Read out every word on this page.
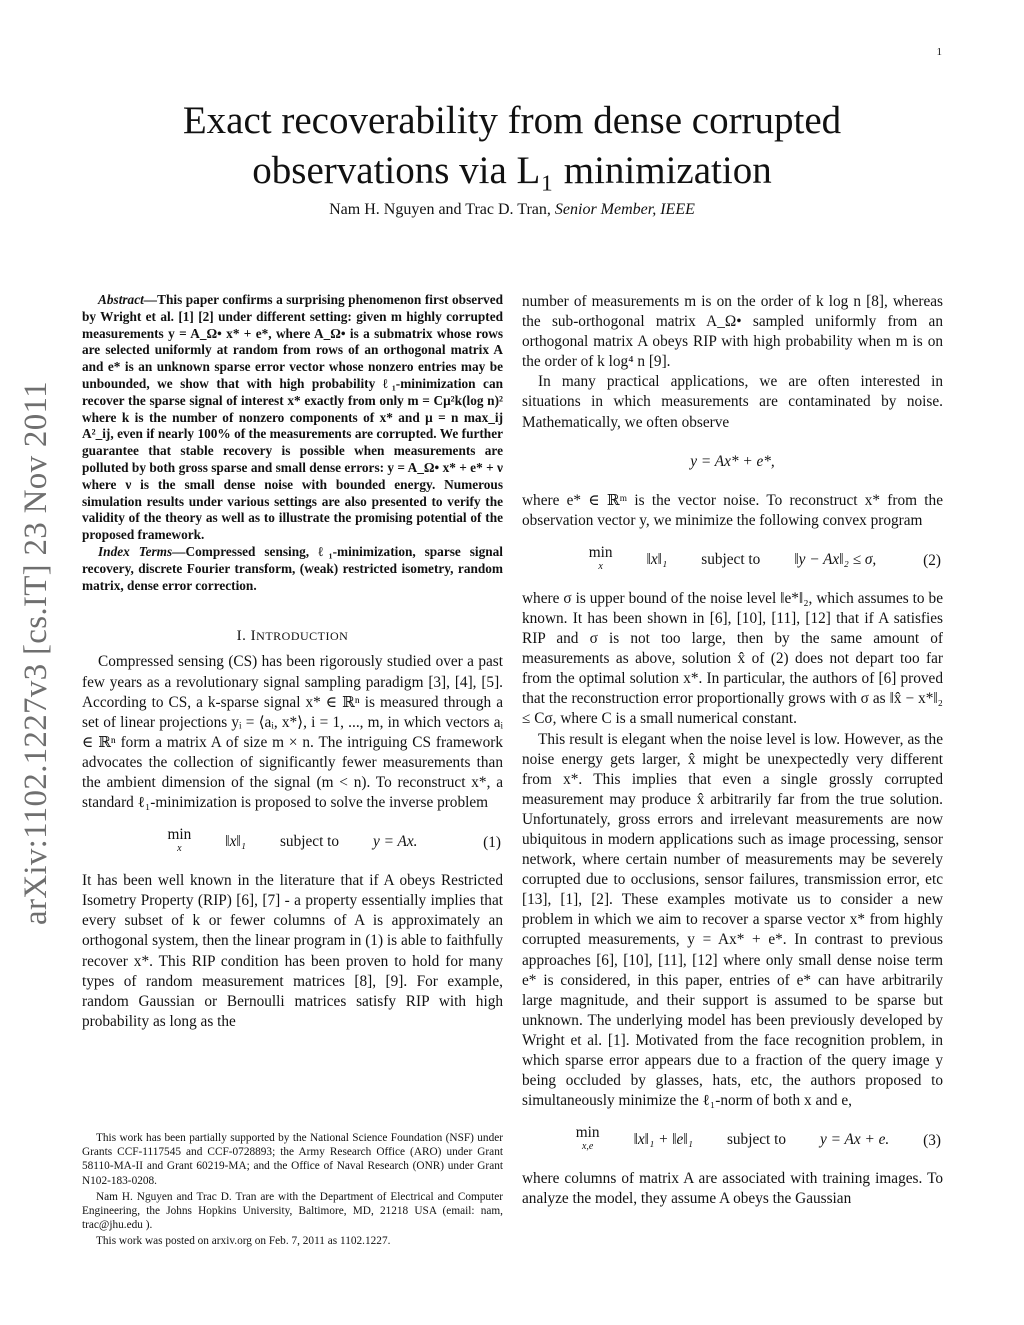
1
arXiv:1102.1227v3 [cs.IT] 23 Nov 2011
Exact recoverability from dense corrupted
observations via L₁ minimization
Nam H. Nguyen and Trac D. Tran, Senior Member, IEEE

Abstract—This paper confirms a surprising phenomenon first observed by Wright et al. [1] [2] under different setting: given m highly corrupted measurements y = A_Ω• x* + e*, where A_Ω• is a submatrix whose rows are selected uniformly at random from rows of an orthogonal matrix A and e* is an unknown sparse error vector whose nonzero entries may be unbounded, we show that with high probability ℓ₁-minimization can recover the sparse signal of interest x* exactly from only m = Cμ²k(log n)² where k is the number of nonzero components of x* and μ = n max_ij A²_ij, even if nearly 100% of the measurements are corrupted. We further guarantee that stable recovery is possible when measurements are polluted by both gross sparse and small dense errors: y = A_Ω• x* + e* + ν where ν is the small dense noise with bounded energy. Numerous simulation results under various settings are also presented to verify the validity of the theory as well as to illustrate the promising potential of the proposed framework.

Index Terms—Compressed sensing, ℓ₁-minimization, sparse signal recovery, discrete Fourier transform, (weak) restricted isometry, random matrix, dense error correction.

I. INTRODUCTION

Compressed sensing (CS) has been rigorously studied over a past few years as a revolutionary signal sampling paradigm [3], [4], [5]. According to CS, a k-sparse signal x* ∈ ℝⁿ is measured through a set of linear projections yᵢ = ⟨aᵢ, x*⟩, i = 1, ..., m, in which vectors aᵢ ∈ ℝⁿ form a matrix A of size m × n. The intriguing CS framework advocates the collection of significantly fewer measurements than the ambient dimension of the signal (m < n). To reconstruct x*, a standard ℓ₁-minimization is proposed to solve the inverse problem

min
x	‖x‖₁ subject to y = Ax.	(1)

It has been well known in the literature that if A obeys Restricted Isometry Property (RIP) [6], [7] - a property essentially implies that every subset of k or fewer columns of A is approximately an orthogonal system, then the linear program in (1) is able to faithfully recover x*. This RIP condition has been proven to hold for many types of random measurement matrices [8], [9]. For example, random Gaussian or Bernoulli matrices satisfy RIP with high probability as long as the

This work has been partially supported by the National Science Foundation (NSF) under Grants CCF-1117545 and CCF-0728893; the Army Research Office (ARO) under Grant 58110-MA-II and Grant 60219-MA; and the Office of Naval Research (ONR) under Grant N102-183-0208.

Nam H. Nguyen and Trac D. Tran are with the Department of Electrical and Computer Engineering, the Johns Hopkins University, Baltimore, MD, 21218 USA (email: nam, trac@jhu.edu ).

This work was posted on arxiv.org on Feb. 7, 2011 as 1102.1227.

number of measurements m is on the order of k log n [8], whereas the sub-orthogonal matrix A_Ω• sampled uniformly from an orthogonal matrix A obeys RIP with high probability when m is on the order of k log⁴ n [9].

In many practical applications, we are often interested in situations in which measurements are contaminated by noise. Mathematically, we often observe

y = Ax* + e*,

where e* ∈ ℝᵐ is the vector noise. To reconstruct x* from the observation vector y, we minimize the following convex program

min
x	‖x‖₁ subject to ‖y − Ax‖₂ ≤ σ,	(2)

where σ is upper bound of the noise level ‖e*‖₂, which assumes to be known. It has been shown in [6], [10], [11], [12] that if A satisfies RIP and σ is not too large, then by the same amount of measurements as above, solution x̂ of (2) does not depart too far from the optimal solution x*. In particular, the authors of [6] proved that the reconstruction error proportionally grows with σ as ‖x̂ − x*‖₂ ≤ Cσ, where C is a small numerical constant.

This result is elegant when the noise level is low. However, as the noise energy gets larger, x̂ might be unexpectedly very different from x*. This implies that even a single grossly corrupted measurement may produce x̂ arbitrarily far from the true solution. Unfortunately, gross errors and irrelevant measurements are now ubiquitous in modern applications such as image processing, sensor network, where certain number of measurements may be severely corrupted due to occlusions, sensor failures, transmission error, etc [13], [1], [2]. These examples motivate us to consider a new problem in which we aim to recover a sparse vector x* from highly corrupted measurements, y = Ax* + e*. In contrast to previous approaches [6], [10], [11], [12] where only small dense noise term e* is considered, in this paper, entries of e* can have arbitrarily large magnitude, and their support is assumed to be sparse but unknown. The underlying model has been previously developed by Wright et al. [1]. Motivated from the face recognition problem, in which sparse error appears due to a fraction of the query image y being occluded by glasses, hats, etc, the authors proposed to simultaneously minimize the ℓ₁-norm of both x and e,

min
x,e	‖x‖₁ + ‖e‖₁ subject to y = Ax + e. (3)

where columns of matrix A are associated with training images. To analyze the model, they assume A obeys the Gaussian
